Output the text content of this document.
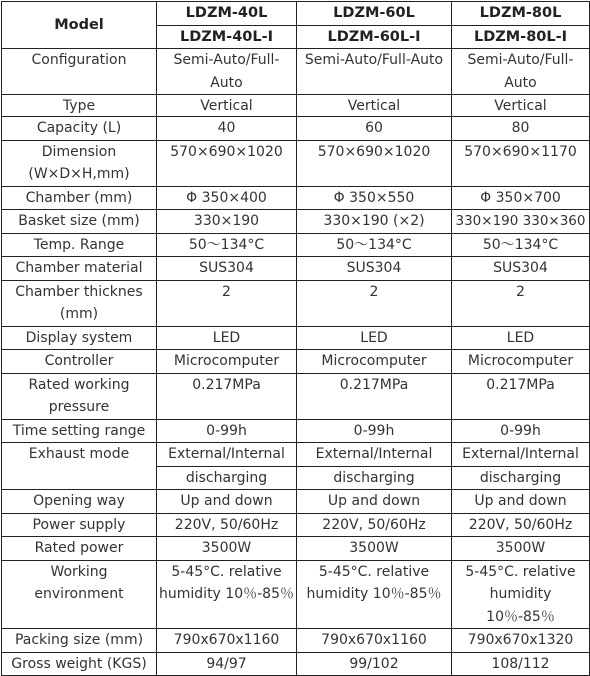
Model	LDZM-40L	LDZM-60L	LDZM-80L
	LDZM-40L-I	LDZM-60L-I	LDZM-80L-I
Configuration	Semi-Auto/Full-Auto	Semi-Auto/Full-Auto	Semi-Auto/Full-Auto

Type	Vertical	Vertical	Vertical

Capacity (L)	40	60	80
Dimension (W×D×H,mm)	570×690×1020	570×690×1020	570×690×1170
Chamber (mm)	Φ 350×400	Φ 350×550	Φ 350×700
Basket size (mm)	330×190	330×190 (×2)	330×190 330×360
Temp. Range	50～134°C	50～134°C	50～134°C
Chamber material	SUS304	SUS304	SUS304
Chamber thicknes (mm)	2	2	2
Display system	LED	LED	LED
Controller	Microcomputer	Microcomputer	Microcomputer
Rated working pressure	0.217MPa	0.217MPa	0.217MPa
Time setting range	0-99h	0-99h	0-99h
Exhaust mode	External/Internal	External/Internal	External/Internal
	discharging	discharging	discharging
Opening way	Up and down	Up and down	Up and down
Power supply	220V, 50/60Hz	220V, 50/60Hz	220V, 50/60Hz
Rated power	3500W	3500W	3500W
Working environment	5-45°C. relative humidity 10％-85％	5-45°C. relative humidity 10％-85％	5-45°C. relative humidity 10％-85％
Packing size (mm)	790x670x1160	790x670x1160	790x670x1320
Gross weight (KGS)	94/97	99/102	108/112
